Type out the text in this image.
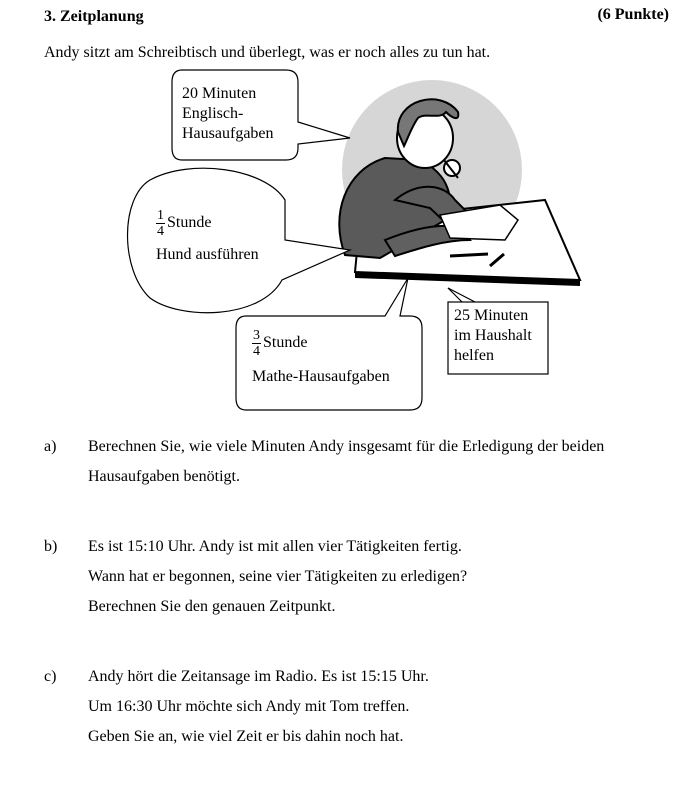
3. Zeitplanung	(6 Punkte)
Andy sitzt am Schreibtisch und überlegt, was er noch alles zu tun hat.
20 Minuten
Englisch-
Hausaufgaben
$\frac{1}{4}$ Stunde
Hund ausführen
$\frac{3}{4}$ Stunde
Mathe-Hausaufgaben
25 Minuten
im Haushalt
helfen
a) Berechnen Sie, wie viele Minuten Andy insgesamt für die Erledigung der beiden
Hausaufgaben benötigt.
b) Es ist 15:10 Uhr. Andy ist mit allen vier Tätigkeiten fertig.
Wann hat er begonnen, seine vier Tätigkeiten zu erledigen?
Berechnen Sie den genauen Zeitpunkt.
c) Andy hört die Zeitansage im Radio. Es ist 15:15 Uhr.
Um 16:30 Uhr möchte sich Andy mit Tom treffen.
Geben Sie an, wie viel Zeit er bis dahin noch hat.
